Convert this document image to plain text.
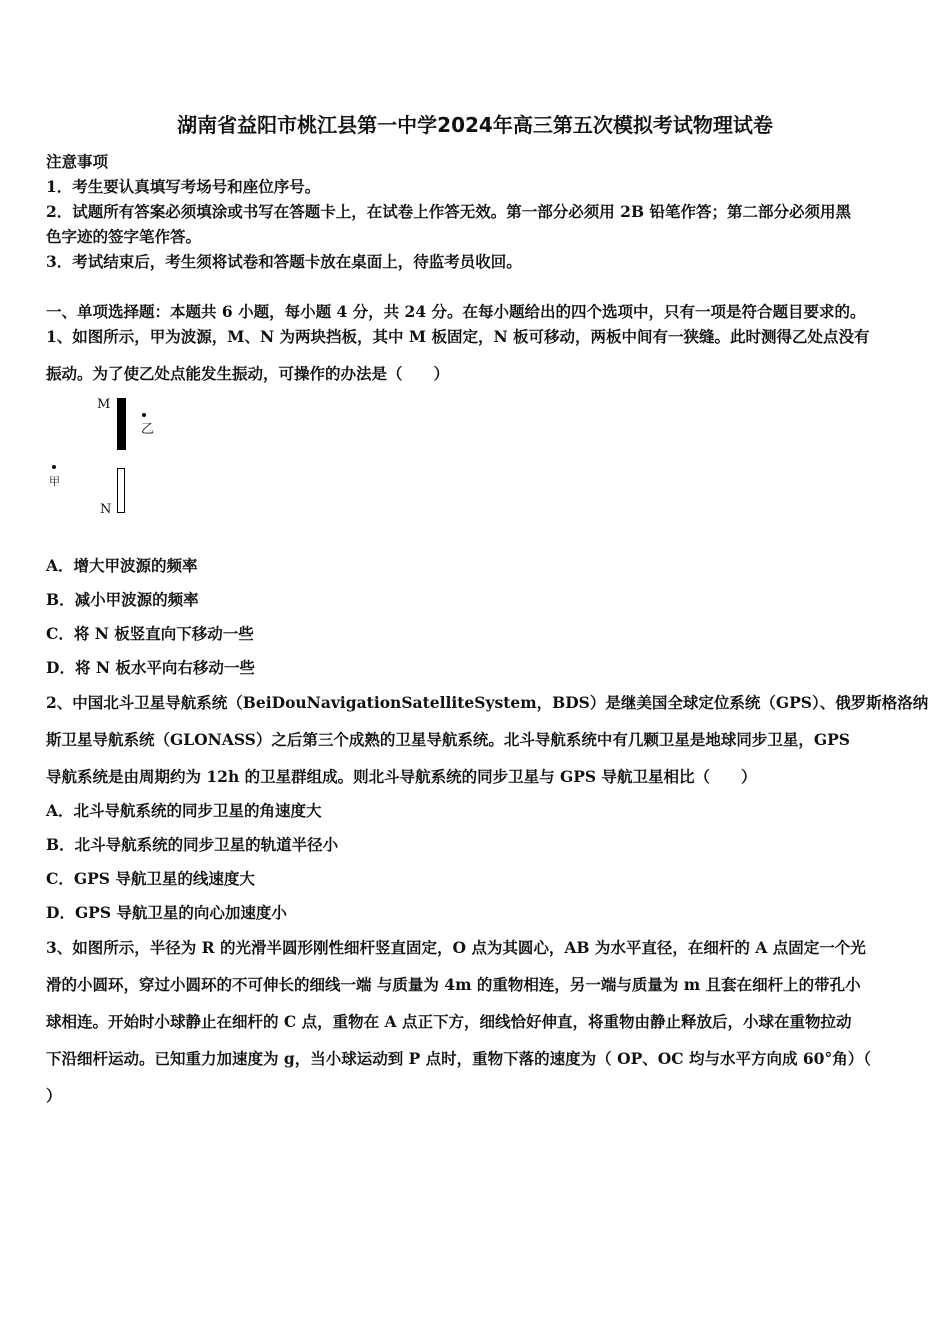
湖南省益阳市桃江县第一中学2024年高三第五次模拟考试物理试卷
注意事项
1．考生要认真填写考场号和座位序号。
2．试题所有答案必须填涂或书写在答题卡上，在试卷上作答无效。第一部分必须用 2B 铅笔作答；第二部分必须用黑
色字迹的签字笔作答。
3．考试结束后，考生须将试卷和答题卡放在桌面上，待监考员收回。
一、单项选择题：本题共 6 小题，每小题 4 分，共 24 分。在每小题给出的四个选项中，只有一项是符合题目要求的。
1、如图所示，甲为波源，M、N 为两块挡板，其中 M 板固定，N 板可移动，两板中间有一狭缝。此时测得乙处点没有
振动。为了使乙处点能发生振动，可操作的办法是（　　）
M
乙
甲
N
A．增大甲波源的频率
B．减小甲波源的频率
C．将 N 板竖直向下移动一些
D．将 N 板水平向右移动一些
2、中国北斗卫星导航系统（BeiDouNavigationSatelliteSystem，BDS）是继美国全球定位系统（GPS）、俄罗斯格洛纳
斯卫星导航系统（GLONASS）之后第三个成熟的卫星导航系统。北斗导航系统中有几颗卫星是地球同步卫星，GPS
导航系统是由周期约为 12h 的卫星群组成。则北斗导航系统的同步卫星与 GPS 导航卫星相比（　　）
A．北斗导航系统的同步卫星的角速度大
B．北斗导航系统的同步卫星的轨道半径小
C．GPS 导航卫星的线速度大
D．GPS 导航卫星的向心加速度小
3、如图所示，半径为 R 的光滑半圆形刚性细杆竖直固定，O 点为其圆心，AB 为水平直径，在细杆的 A 点固定一个光
滑的小圆环，穿过小圆环的不可伸长的细线一端 与质量为 4m 的重物相连，另一端与质量为 m 且套在细杆上的带孔小
球相连。开始时小球静止在细杆的 C 点，重物在 A 点正下方，细线恰好伸直，将重物由静止释放后，小球在重物拉动
下沿细杆运动。已知重力加速度为 g，当小球运动到 P 点时，重物下落的速度为（ OP、OC 均与水平方向成 60°角）（
）
